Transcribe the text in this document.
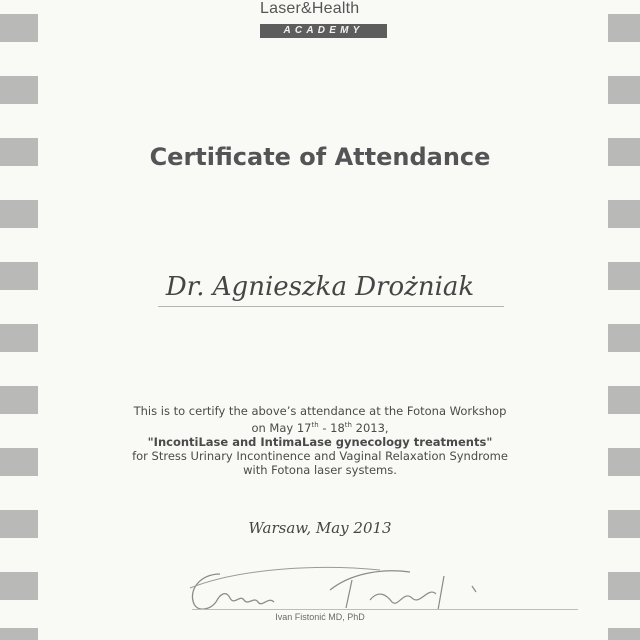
Laser&Health
ACADEMY
Certificate of Attendance
Dr. Agnieszka Drożniak
This is to certify the above’s attendance at the Fotona Workshop
on May 17th - 18th 2013,
"IncontiLase and IntimaLase gynecology treatments"
for Stress Urinary Incontinence and Vaginal Relaxation Syndrome
with Fotona laser systems.
Warsaw, May 2013
Ivan Fistonić MD, PhD
